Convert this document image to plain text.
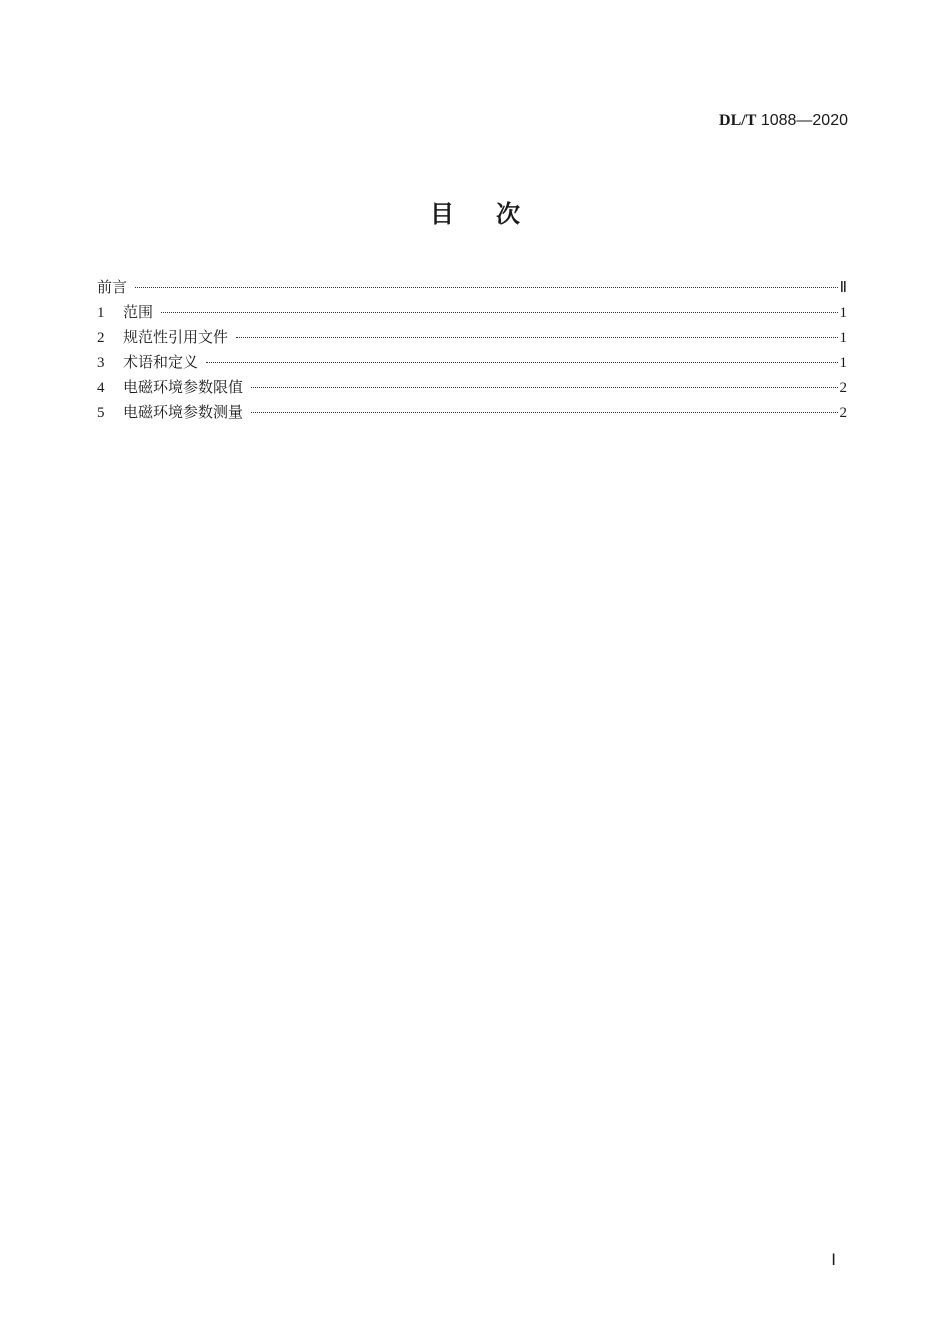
DL/T 1088—2020
目次
前言	Ⅱ
1	范围	1
2	规范性引用文件	1
3	术语和定义	1
4	电磁环境参数限值	2
5	电磁环境参数测量	2
Ⅰ
